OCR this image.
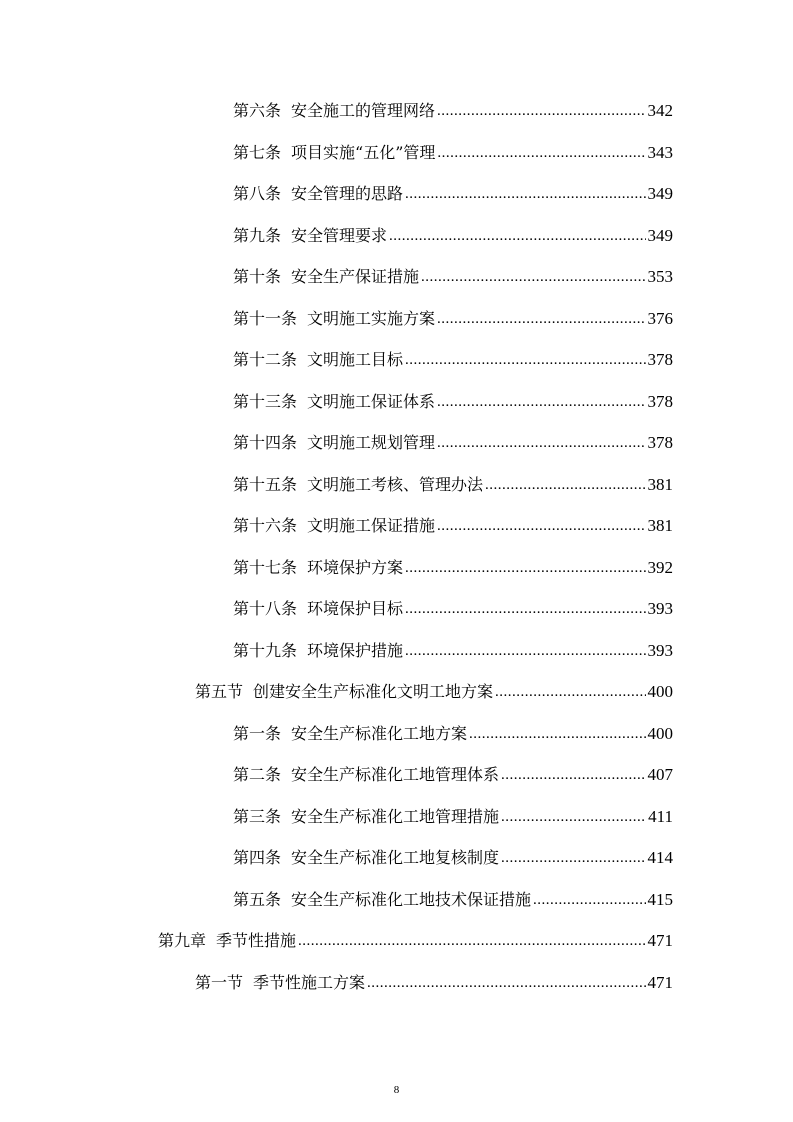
第六条 安全施工的管理网络 .....	342
第七条 项目实施“五化”管理 .....	343
第八条 安全管理的思路 .....	349
第九条 安全管理要求 .....	349
第十条 安全生产保证措施 .....	353
第十一条 文明施工实施方案 .....	376
第十二条 文明施工目标 .....	378
第十三条 文明施工保证体系 .....	378
第十四条 文明施工规划管理 .....	378
第十五条 文明施工考核、管理办法 .....	381
第十六条 文明施工保证措施 .....	381
第十七条 环境保护方案 .....	392
第十八条 环境保护目标 .....	393
第十九条 环境保护措施 .....	393
第五节 创建安全生产标准化文明工地方案 .....	400
第一条 安全生产标准化工地方案 .....	400
第二条 安全生产标准化工地管理体系 .....	407
第三条 安全生产标准化工地管理措施 .....	411
第四条 安全生产标准化工地复核制度 .....	414
第五条 安全生产标准化工地技术保证措施 .....	415
第九章 季节性措施 .....	471
第一节 季节性施工方案 .....	471
8
